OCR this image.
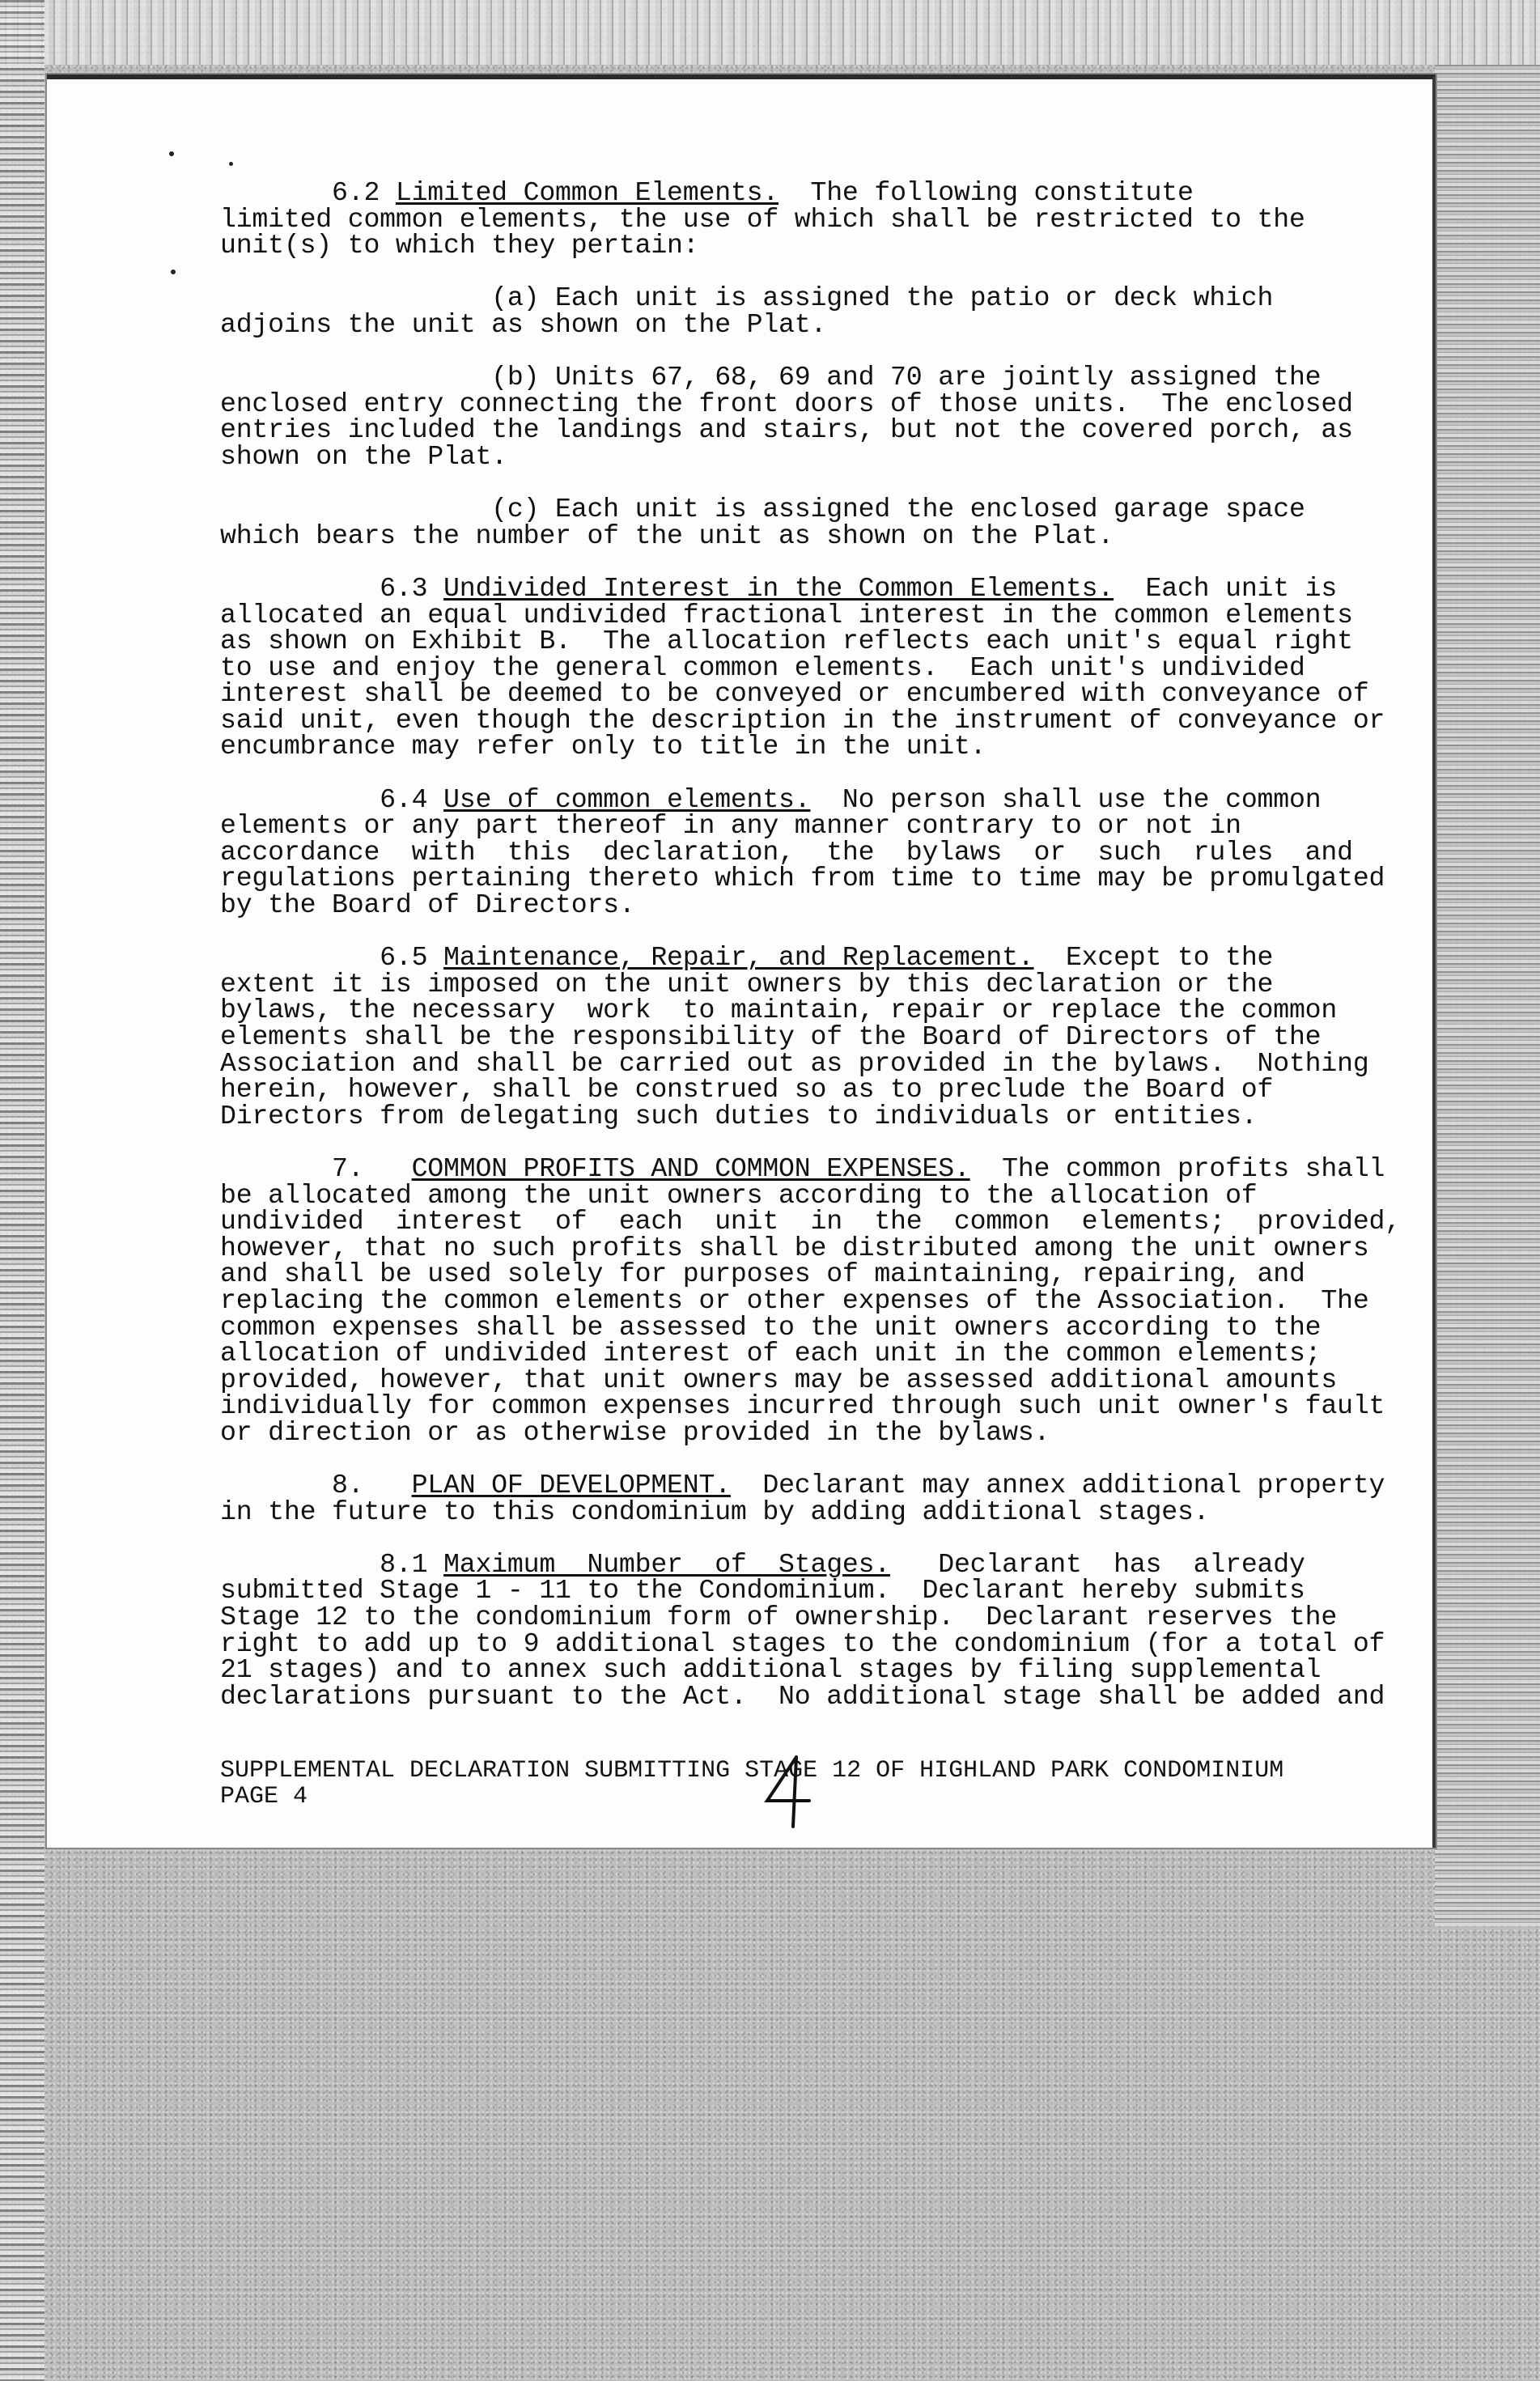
6.2 Limited Common Elements.  The following constitute
limited common elements, the use of which shall be restricted to the
unit(s) to which they pertain:
(a) Each unit is assigned the patio or deck which
adjoins the unit as shown on the Plat.
(b) Units 67, 68, 69 and 70 are jointly assigned the
enclosed entry connecting the front doors of those units.  The enclosed
entries included the landings and stairs, but not the covered porch, as
shown on the Plat.
(c) Each unit is assigned the enclosed garage space
which bears the number of the unit as shown on the Plat.
6.3 Undivided Interest in the Common Elements.  Each unit is
allocated an equal undivided fractional interest in the common elements
as shown on Exhibit B.  The allocation reflects each unit's equal right
to use and enjoy the general common elements.  Each unit's undivided
interest shall be deemed to be conveyed or encumbered with conveyance of
said unit, even though the description in the instrument of conveyance or
encumbrance may refer only to title in the unit.
6.4 Use of common elements.  No person shall use the common
elements or any part thereof in any manner contrary to or not in
accordance  with  this  declaration,  the  bylaws  or  such  rules  and
regulations pertaining thereto which from time to time may be promulgated
by the Board of Directors.
6.5 Maintenance, Repair, and Replacement.  Except to the
extent it is imposed on the unit owners by this declaration or the
bylaws, the necessary  work  to maintain, repair or replace the common
elements shall be the responsibility of the Board of Directors of the
Association and shall be carried out as provided in the bylaws.  Nothing
herein, however, shall be construed so as to preclude the Board of
Directors from delegating such duties to individuals or entities.
7.   COMMON PROFITS AND COMMON EXPENSES.  The common profits shall
be allocated among the unit owners according to the allocation of
undivided  interest  of  each  unit  in  the  common  elements;  provided,
however, that no such profits shall be distributed among the unit owners
and shall be used solely for purposes of maintaining, repairing, and
replacing the common elements or other expenses of the Association.  The
common expenses shall be assessed to the unit owners according to the
allocation of undivided interest of each unit in the common elements;
provided, however, that unit owners may be assessed additional amounts
individually for common expenses incurred through such unit owner's fault
or direction or as otherwise provided in the bylaws.
8.   PLAN OF DEVELOPMENT.  Declarant may annex additional property
in the future to this condominium by adding additional stages.
8.1 Maximum  Number  of  Stages.   Declarant  has  already
submitted Stage 1 - 11 to the Condominium.  Declarant hereby submits
Stage 12 to the condominium form of ownership.  Declarant reserves the
right to add up to 9 additional stages to the condominium (for a total of
21 stages) and to annex such additional stages by filing supplemental
declarations pursuant to the Act.  No additional stage shall be added and
SUPPLEMENTAL DECLARATION SUBMITTING STAGE 12 OF HIGHLAND PARK CONDOMINIUM
PAGE 4
